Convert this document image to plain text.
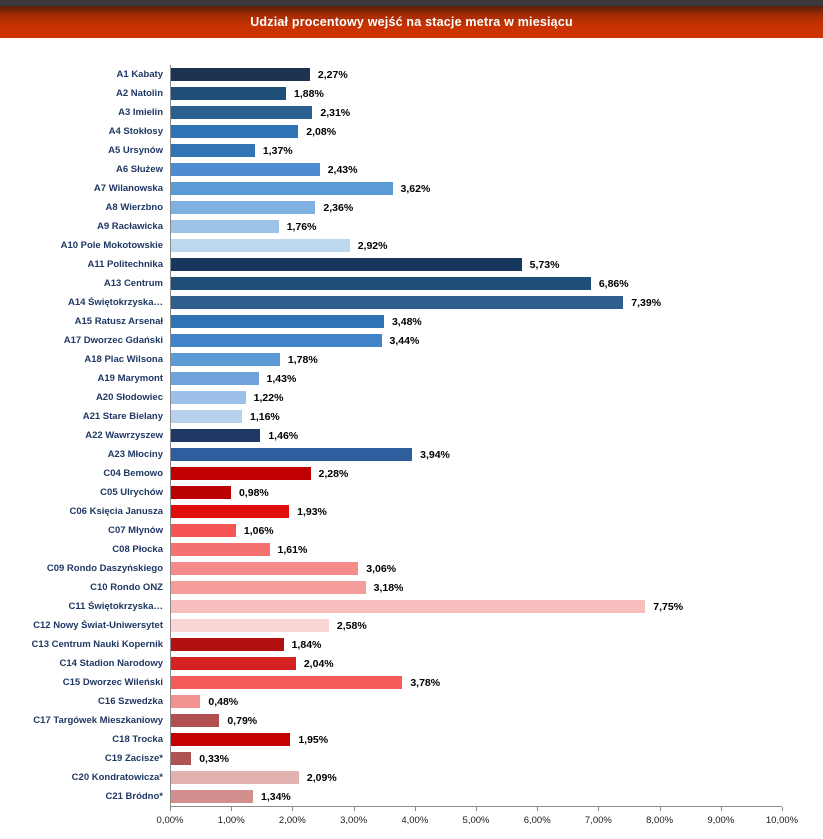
Udział procentowy wejść na stacje metra w miesiącu
A1 Kabaty	2,27%
A2 Natolin	1,88%
A3 Imielin	2,31%
A4 Stokłosy	2,08%
A5 Ursynów	1,37%
A6 Służew	2,43%
A7 Wilanowska	3,62%
A8 Wierzbno	2,36%
A9 Racławicka	1,76%
A10 Pole Mokotowskie	2,92%
A11 Politechnika	5,73%
A13 Centrum	6,86%
A14 Świętokrzyska…	7,39%
A15 Ratusz Arsenał	3,48%
A17 Dworzec Gdański	3,44%
A18 Plac Wilsona	1,78%
A19 Marymont	1,43%
A20 Słodowiec	1,22%
A21 Stare Bielany	1,16%
A22 Wawrzyszew	1,46%
A23 Młociny	3,94%
C04 Bemowo	2,28%
C05 Ulrychów	0,98%
C06 Księcia Janusza	1,93%
C07 Młynów	1,06%
C08 Płocka	1,61%
C09 Rondo Daszyńskiego	3,06%
C10 Rondo ONZ	3,18%
C11 Świętokrzyska…	7,75%
C12 Nowy Świat-Uniwersytet	2,58%
C13 Centrum Nauki Kopernik	1,84%
C14 Stadion Narodowy	2,04%
C15 Dworzec Wileński	3,78%
C16 Szwedzka	0,48%
C17 Targówek Mieszkaniowy	0,79%
C18 Trocka	1,95%
C19 Zacisze*	0,33%
C20 Kondratowicza*	2,09%
C21 Bródno*	1,34%
0,00%	1,00%	2,00%	3,00%	4,00%	5,00%	6,00%	7,00%	8,00%	9,00%	10,00%
